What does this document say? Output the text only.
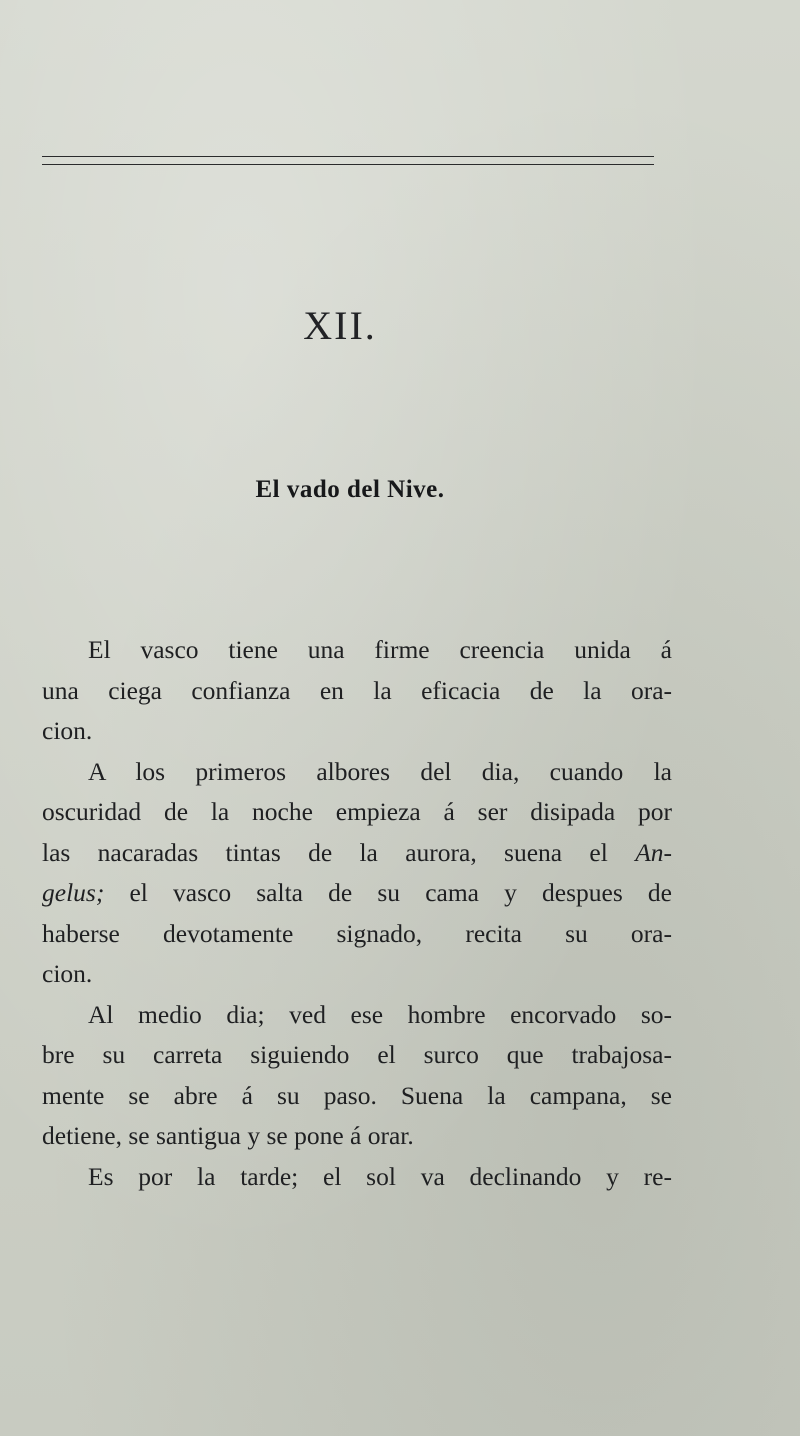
XII.
El vado del Nive.
El vasco tiene una firme creencia unida á
una ciega confianza en la eficacia de la ora-
cion.
A los primeros albores del dia, cuando la
oscuridad de la noche empieza á ser disipada por
las nacaradas tintas de la aurora, suena el An-
gelus; el vasco salta de su cama y despues de
haberse devotamente signado, recita su ora-
cion.
Al medio dia; ved ese hombre encorvado so-
bre su carreta siguiendo el surco que trabajosa-
mente se abre á su paso. Suena la campana, se
detiene, se santigua y se pone á orar.
Es por la tarde; el sol va declinando y re-
